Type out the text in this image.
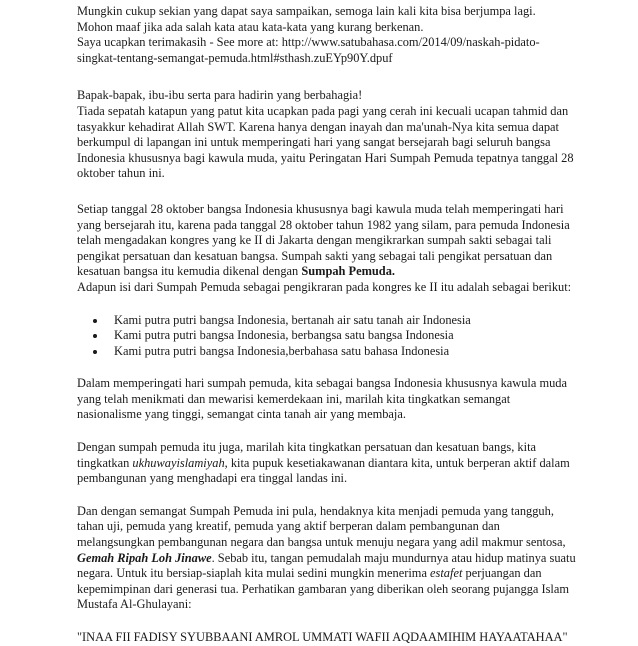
Mungkin cukup sekian yang dapat saya sampaikan, semoga lain kali kita bisa berjumpa lagi.

Mohon maaf jika ada salah kata atau kata-kata yang kurang berkenan.

Saya ucapkan terimakasih - See more at: http://www.satubahasa.com/2014/09/naskah-pidato-singkat-tentang-semangat-pemuda.html#sthash.zuEYp90Y.dpuf

Bapak-bapak, ibu-ibu serta para hadirin yang berbahagia!

Tiada sepatah katapun yang patut kita ucapkan pada pagi yang cerah ini kecuali ucapan tahmid dan tasyakkur kehadirat Allah SWT. Karena hanya dengan inayah dan ma'unah-Nya kita semua dapat berkumpul di lapangan ini untuk memperingati hari yang sangat bersejarah bagi seluruh bangsa Indonesia khususnya bagi kawula muda, yaitu Peringatan Hari Sumpah Pemuda tepatnya tanggal 28 oktober tahun ini.

Setiap tanggal 28 oktober bangsa Indonesia khususnya bagi kawula muda telah memperingati hari yang bersejarah itu, karena pada tanggal 28 oktober tahun 1982 yang silam, para pemuda Indonesia telah mengadakan kongres yang ke II di Jakarta dengan mengikrarkan sumpah sakti sebagai tali pengikat persatuan dan kesatuan bangsa. Sumpah sakti yang sebagai tali pengikat persatuan dan kesatuan bangsa itu kemudia dikenal dengan Sumpah Pemuda.

Adapun isi dari Sumpah Pemuda sebagai pengikraran pada kongres ke II itu adalah sebagai berikut:

Kami putra putri bangsa Indonesia, bertanah air satu tanah air Indonesia
Kami putra putri bangsa Indonesia, berbangsa satu bangsa Indonesia
Kami putra putri bangsa Indonesia,berbahasa satu bahasa Indonesia

Dalam memperingati hari sumpah pemuda, kita sebagai bangsa Indonesia khususnya kawula muda yang telah menikmati dan mewarisi kemerdekaan ini, marilah kita tingkatkan semangat nasionalisme yang tinggi, semangat cinta tanah air yang membaja.

Dengan sumpah pemuda itu juga, marilah kita tingkatkan persatuan dan kesatuan bangs, kita tingkatkan ukhuwayislamiyah, kita pupuk kesetiakawanan diantara kita, untuk berperan aktif dalam pembangunan yang menghadapi era tinggal landas ini.

Dan dengan semangat Sumpah Pemuda ini pula, hendaknya kita menjadi pemuda yang tangguh, tahan uji, pemuda yang kreatif, pemuda yang aktif berperan dalam pembangunan dan melangsungkan pembangunan negara dan bangsa untuk menuju negara yang adil makmur sentosa, Gemah Ripah Loh Jinawe. Sebab itu, tangan pemudalah maju mundurnya atau hidup matinya suatu negara. Untuk itu bersiap-siaplah kita mulai sedini mungkin menerima estafet perjuangan dan kepemimpinan dari generasi tua. Perhatikan gambaran yang diberikan oleh seorang pujangga Islam Mustafa Al-Ghulayani:

"INAA FII FADISY SYUBBAANI AMROL UMMATI WAFII AQDAAMIHIM HAYAATAHAA"
